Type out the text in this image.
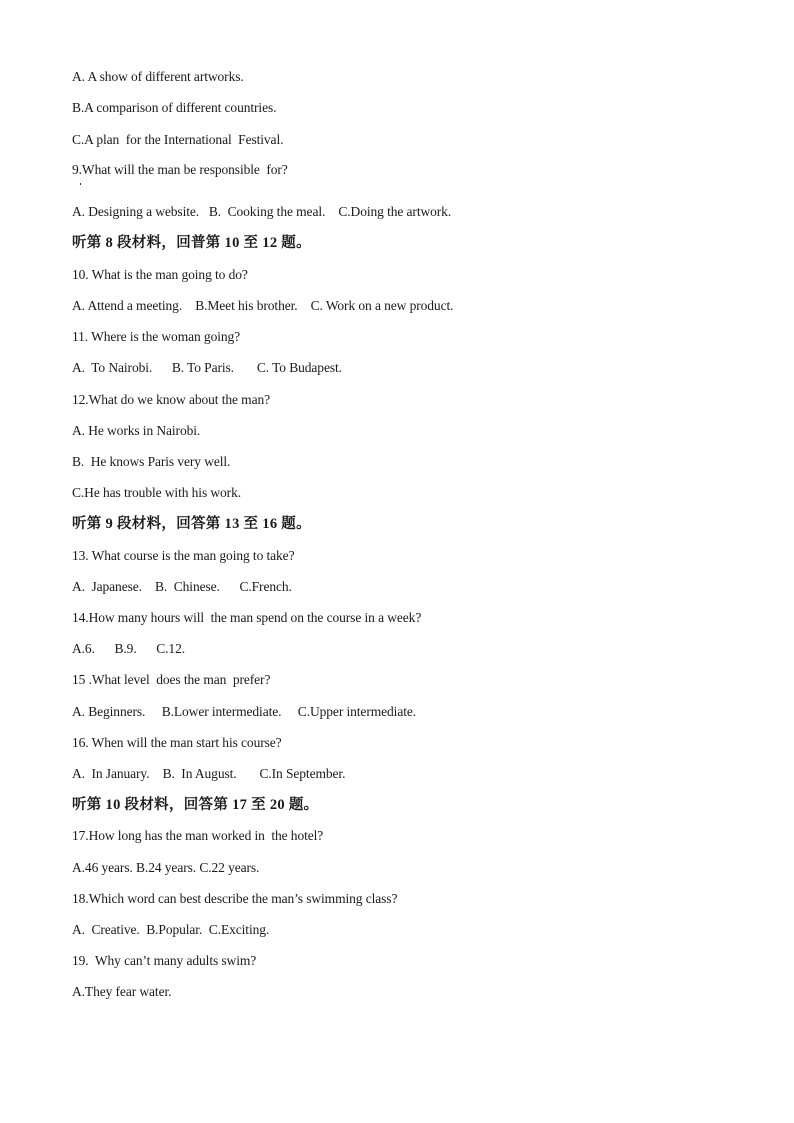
A. A show of different artworks.
B.A comparison of different countries.
C.A plan  for the International  Festival.
9.What will the man be responsible  for?
A. Designing a website.   B.  Cooking the meal.    C.Doing the artwork.
听第 8 段材料，回普第 10 至 12 题。
10. What is the man going to do?
A. Attend a meeting.    B.Meet his brother.    C. Work on a new product.
11. Where is the woman going?
A.  To Nairobi.      B. To Paris.       C. To Budapest.
12.What do we know about the man?
A. He works in Nairobi.
B.  He knows Paris very well.
C.He has trouble with his work.
听第 9 段材料，回答第 13 至 16 题。
13. What course is the man going to take?
A.  Japanese.    B.  Chinese.      C.French.
14.How many hours will  the man spend on the course in a week?
A.6.      B.9.      C.12.
15 .What level  does the man  prefer?
A. Beginners.     B.Lower intermediate.     C.Upper intermediate.
16. When will the man start his course?
A.  In January.    B.  In August.       C.In September.
听第 10 段材料，回答第 17 至 20 题。
17.How long has the man worked in  the hotel?
A.46 years. B.24 years. C.22 years.
18.Which word can best describe the man’s swimming class?
A.  Creative.  B.Popular.  C.Exciting.
19.  Why can’t many adults swim?
A.They fear water.
